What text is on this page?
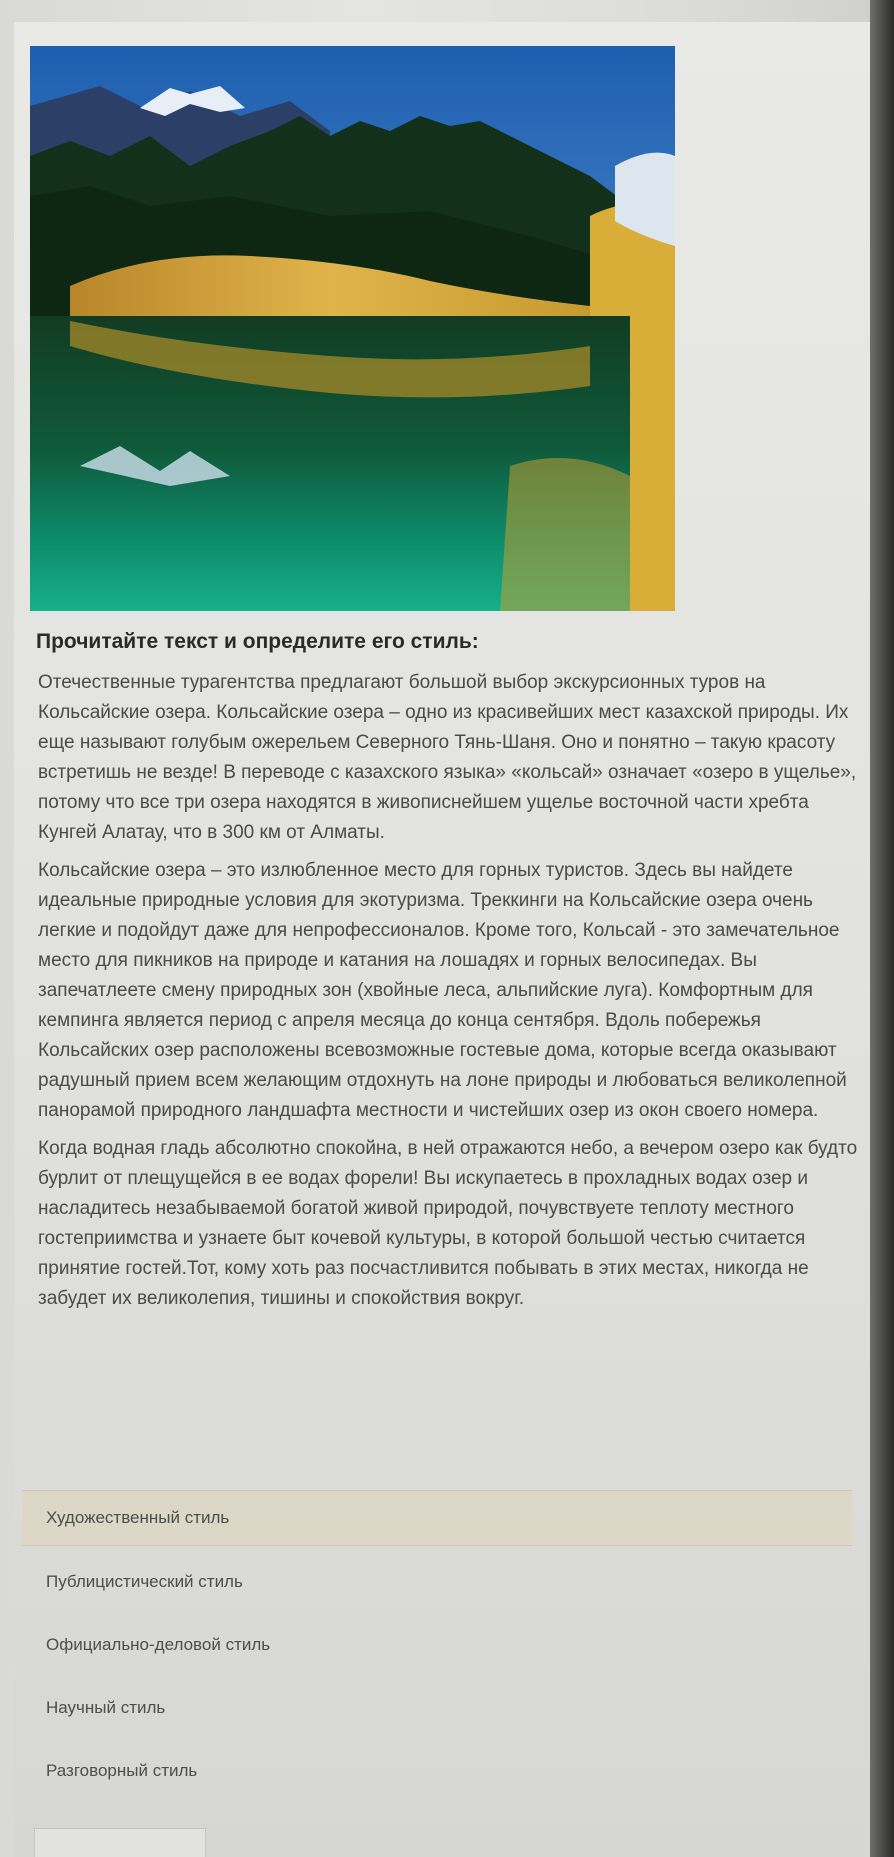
Прочитайте текст и определите его стиль:

Отечественные турагентства предлагают большой выбор экскурсионных туров на Кольсайские озера. Кольсайские озера – одно из красивейших мест казахской природы. Их еще называют голубым ожерельем Северного Тянь-Шаня. Оно и понятно – такую красоту встретишь не везде! В переводе с казахского языка» «кольсай» означает «озеро в ущелье», потому что все три озера находятся в живописнейшем ущелье восточной части хребта Кунгей Алатау, что в 300 км от Алматы.

Кольсайские озера – это излюбленное место для горных туристов. Здесь вы найдете идеальные природные условия для экотуризма. Треккинги на Кольсайские озера очень легкие и подойдут даже для непрофессионалов. Кроме того, Кольсай - это замечательное место для пикников на природе и катания на лошадях и горных велосипедах. Вы запечатлеете смену природных зон (хвойные леса, альпийские луга). Комфортным для кемпинга является период с апреля месяца до конца сентября. Вдоль побережья Кольсайских озер расположены всевозможные гостевые дома, которые всегда оказывают радушный прием всем желающим отдохнуть на лоне природы и любоваться великолепной панорамой природного ландшафта местности и чистейших озер из окон своего номера.

Когда водная гладь абсолютно спокойна, в ней отражаются небо, а вечером озеро как будто бурлит от плещущейся в ее водах форели! Вы искупаетесь в прохладных водах озер и насладитесь незабываемой богатой живой природой, почувствуете теплоту местного гостеприимства и узнаете быт кочевой культуры, в которой большой честью считается принятие гостей.Тот, кому хоть раз посчастливится побывать в этих местах, никогда не забудет их великолепия, тишины и спокойствия вокруг.

Художественный стиль
Публицистический стиль
Официально-деловой стиль
Научный стиль
Разговорный стиль
